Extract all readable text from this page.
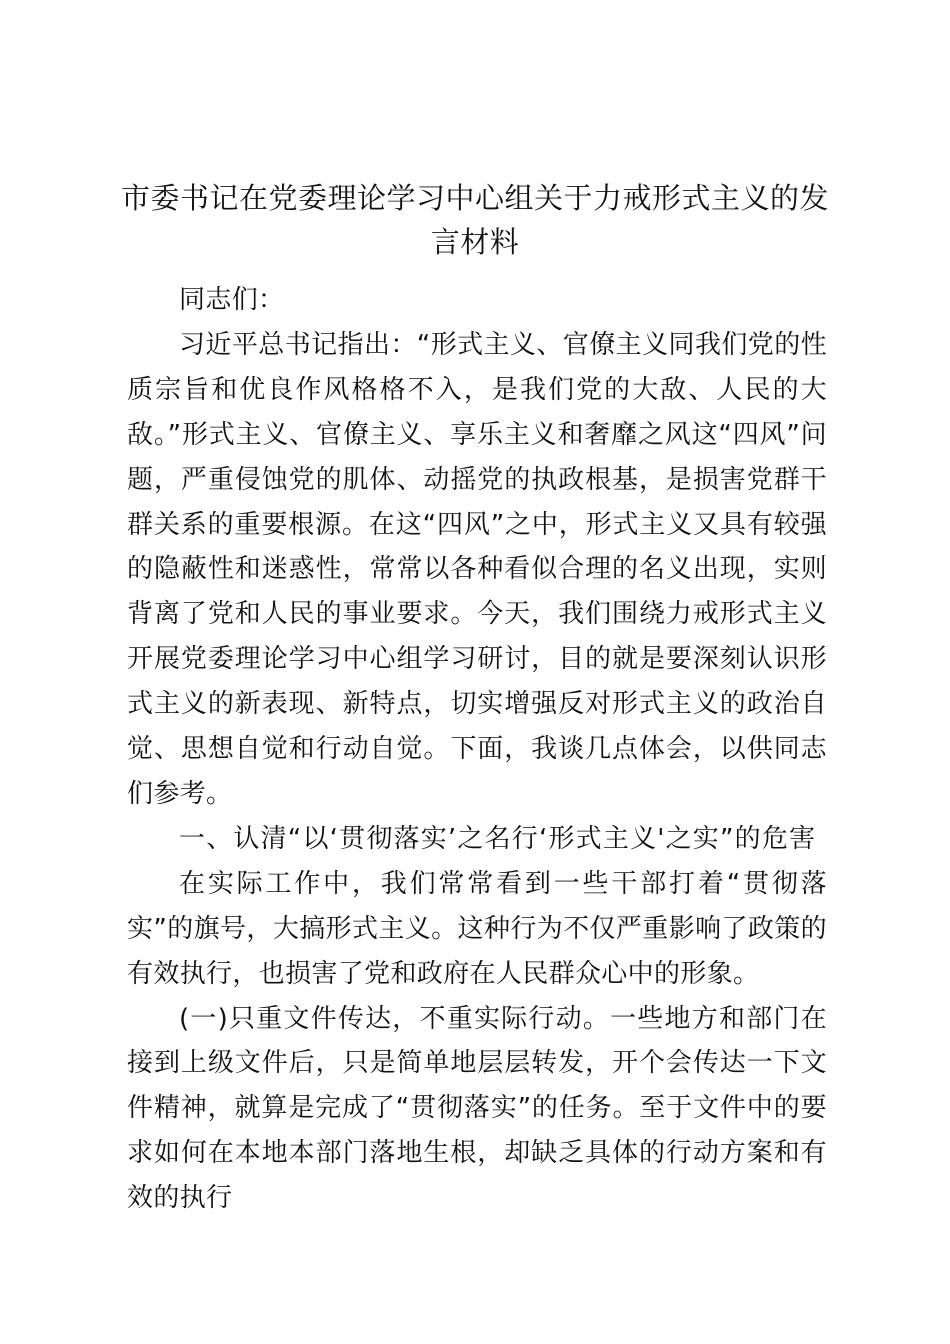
市委书记在党委理论学习中心组关于力戒形式主义的发言材料

同志们：

习近平总书记指出：“形式主义、官僚主义同我们党的性质宗旨和优良作风格格不入，是我们党的大敌、人民的大敌。”形式主义、官僚主义、享乐主义和奢靡之风这“四风”问题，严重侵蚀党的肌体、动摇党的执政根基，是损害党群干群关系的重要根源。在这“四风”之中，形式主义又具有较强的隐蔽性和迷惑性，常常以各种看似合理的名义出现，实则背离了党和人民的事业要求。今天，我们围绕力戒形式主义开展党委理论学习中心组学习研讨，目的就是要深刻认识形式主义的新表现、新特点，切实增强反对形式主义的政治自觉、思想自觉和行动自觉。下面，我谈几点体会，以供同志们参考。

一、认清“以‘贯彻落实’之名行‘形式主义'之实”的危害

在实际工作中，我们常常看到一些干部打着“贯彻落实”的旗号，大搞形式主义。这种行为不仅严重影响了政策的有效执行，也损害了党和政府在人民群众心中的形象。

(一)只重文件传达，不重实际行动。一些地方和部门在接到上级文件后，只是简单地层层转发，开个会传达一下文件精神，就算是完成了“贯彻落实”的任务。至于文件中的要求如何在本地本部门落地生根，却缺乏具体的行动方案和有效的执行
